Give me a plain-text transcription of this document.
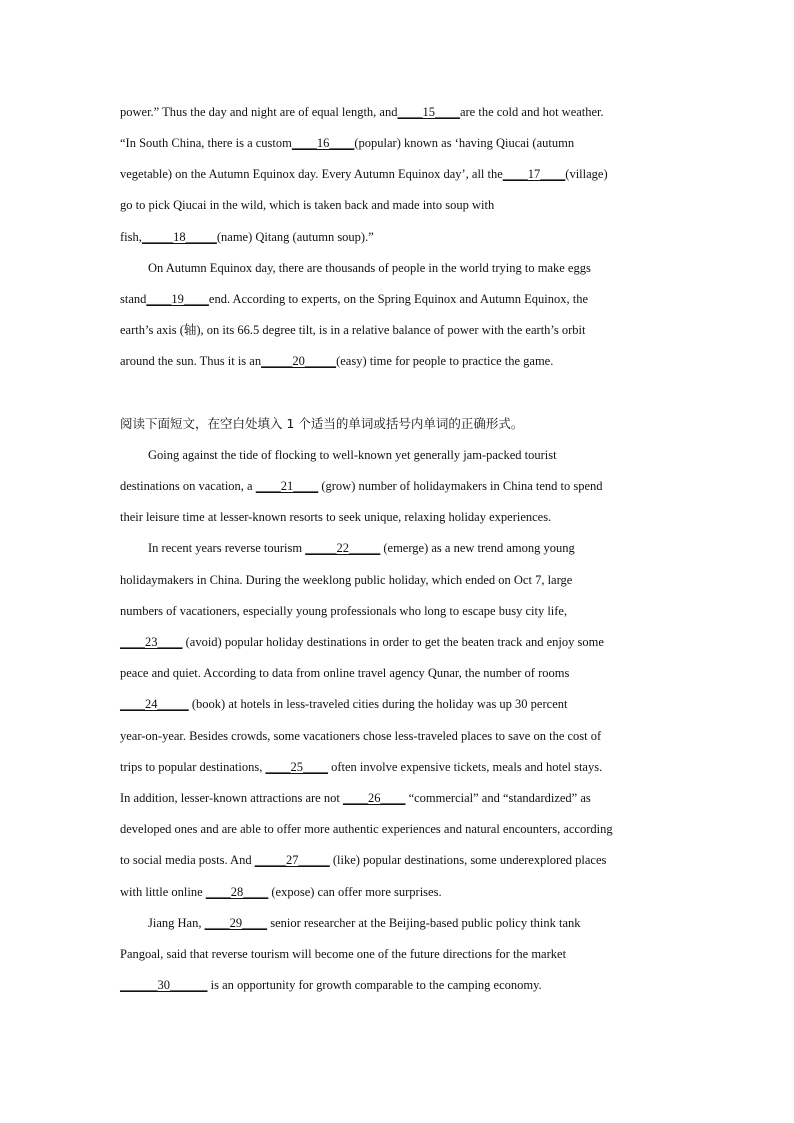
power.” Thus the day and night are of equal length, and____15____are the cold and hot weather.
“In South China, there is a custom____16____(popular) known as ‘having Qiucai (autumn
vegetable) on the Autumn Equinox day. Every Autumn Equinox day’, all the____17____(village)
go to pick Qiucai in the wild, which is taken back and made into soup with
fish,_____18_____(name) Qitang (autumn soup).”
On Autumn Equinox day, there are thousands of people in the world trying to make eggs
stand____19____end. According to experts, on the Spring Equinox and Autumn Equinox, the
earth’s axis (轴), on its 66.5 degree tilt, is in a relative balance of power with the earth’s orbit
around the sun. Thus it is an_____20_____(easy) time for people to practice the game.
阅读下面短文，在空白处填入 1 个适当的单词或括号内单词的正确形式。
Going against the tide of flocking to well-known yet generally jam-packed tourist
destinations on vacation, a ____21____ (grow) number of holidaymakers in China tend to spend
their leisure time at lesser-known resorts to seek unique, relaxing holiday experiences.
In recent years reverse tourism _____22_____ (emerge) as a new trend among young
holidaymakers in China. During the weeklong public holiday, which ended on Oct 7, large
numbers of vacationers, especially young professionals who long to escape busy city life,
____23____ (avoid) popular holiday destinations in order to get the beaten track and enjoy some
peace and quiet. According to data from online travel agency Qunar, the number of rooms
____24_____ (book) at hotels in less-traveled cities during the holiday was up 30 percent
year-on-year. Besides crowds, some vacationers chose less-traveled places to save on the cost of
trips to popular destinations, ____25____ often involve expensive tickets, meals and hotel stays.
In addition, lesser-known attractions are not ____26____ “commercial” and “standardized” as
developed ones and are able to offer more authentic experiences and natural encounters, according
to social media posts. And _____27_____ (like) popular destinations, some underexplored places
with little online ____28____ (expose) can offer more surprises.
Jiang Han, ____29____ senior researcher at the Beijing-based public policy think tank
Pangoal, said that reverse tourism will become one of the future directions for the market
______30______ is an opportunity for growth comparable to the camping economy.
